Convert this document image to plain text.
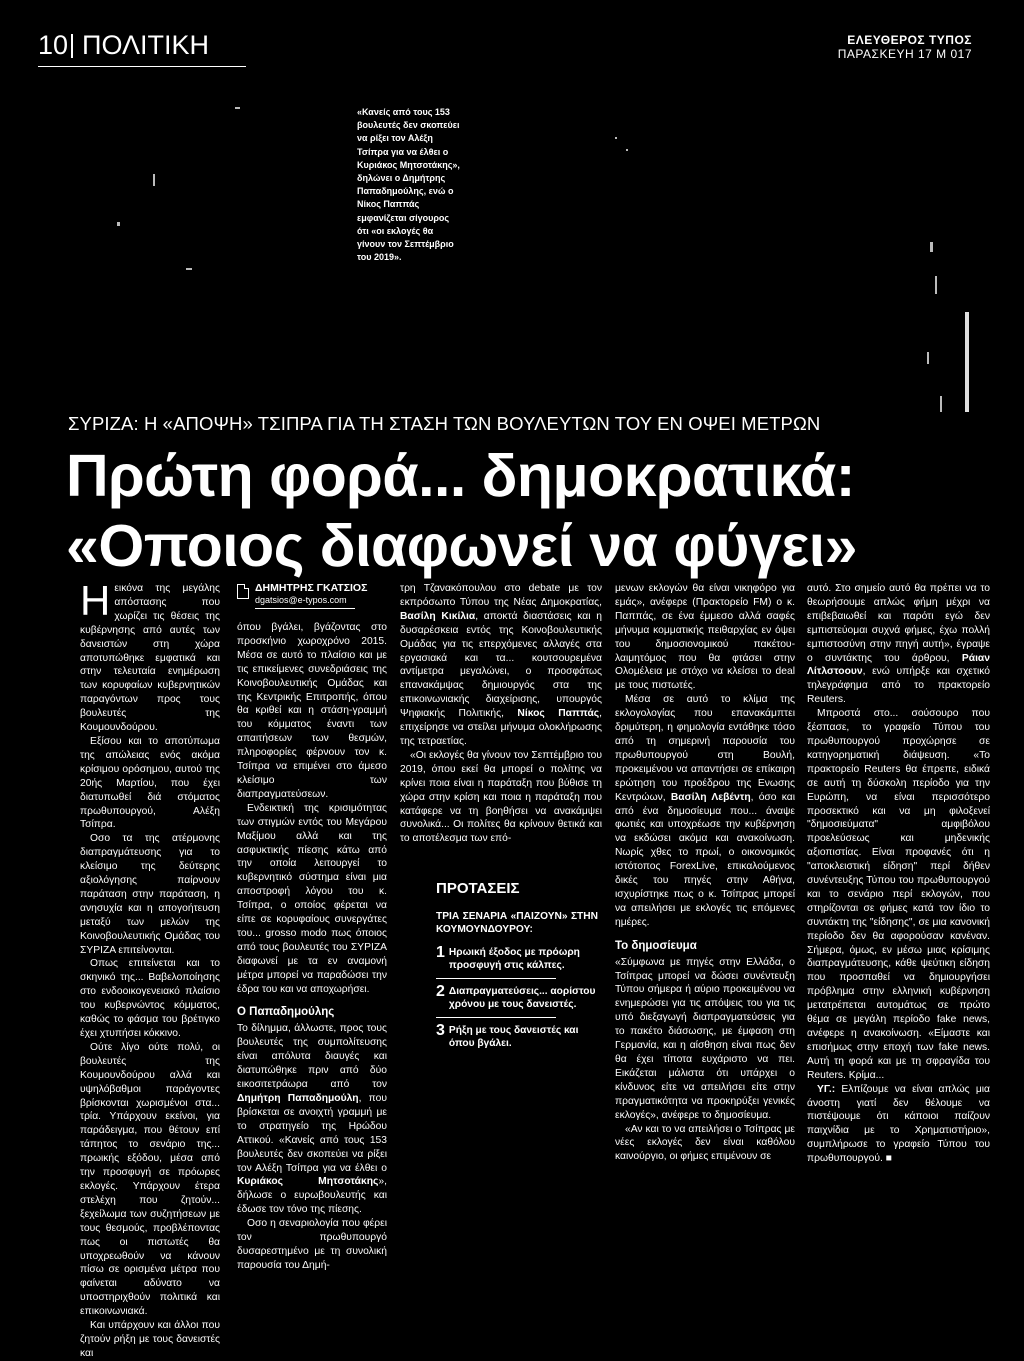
10 ΠΟΛΙΤΙΚΗ	ΕΛΕΥΘΕΡΟΣ ΤΥΠΟΣ
ΠΑΡΑΣΚΕΥΗ 17 Μ 017
«Κανείς από τους 153 βουλευτές δεν σκοπεύει να ρίξει τον Αλέξη Τσίπρα για να έλθει ο Κυριάκος Μητσοτάκης», δηλώνει ο Δημήτρης Παπαδημούλης, ενώ ο Νίκος Παππάς εμφανίζεται σίγουρος ότι «οι εκλογές θα γίνουν τον Σεπτέμβριο του 2019».
ΣΥΡΙΖΑ: Η «ΑΠΟΨΗ» ΤΣΙΠΡΑ ΓΙΑ ΤΗ ΣΤΑΣΗ ΤΩΝ ΒΟΥΛΕΥΤΩΝ ΤΟΥ ΕΝ ΟΨΕΙ ΜΕΤΡΩΝ
Πρώτη φορά... δημοκρατικά:
«Οποιος διαφωνεί να φύγει»

Ηεικόνα της μεγάλης απόστασης που χωρίζει τις θέσεις της κυβέρνησης από αυτές των δανειστών στη χώρα αποτυπώθηκε εμφατικά και στην τελευταία ενημέρωση των κορυφαίων κυβερνητικών παραγόντων προς τους βουλευτές της Κουμουνδούρου.

Εξίσου και το αποτύπωμα της απώλειας ενός ακόμα κρίσιμου ορόσημου, αυτού της 20ής Μαρτίου, που έχει διατυπωθεί διά στόματος πρωθυπουργού, Αλέξη Τσίπρα.

Οσο τα της ατέρμονης διαπραγμάτευσης για το κλείσιμο της δεύτερης αξιολόγησης παίρνουν παράταση στην παράταση, η ανησυχία και η απογοήτευση μεταξύ των μελών της Κοινοβουλευτικής Ομάδας του ΣΥΡΙΖΑ επιτείνονται.

Οπως επιτείνεται και το σκηνικό της... Βαβελοποίησης στο ενδοοικογενειακό πλαίσιο του κυβερνώντος κόμματος, καθώς το φάσμα του βρέτιγκο έχει χτυπήσει κόκκινο.

Ούτε λίγο ούτε πολύ, οι βουλευτές της Κουμουνδούρου αλλά και υψηλόβαθμοι παράγοντες βρίσκονται χωρισμένοι στα... τρία. Υπάρχουν εκείνοι, για παράδειγμα, που θέτουν επί τάπητος το σενάριο της... πρωικής εξόδου, μέσα από την προσφυγή σε πρόωρες εκλογές. Υπάρχουν έτερα στελέχη που ζητούν... ξεχείλωμα των συζητήσεων με τους θεσμούς, προβλέποντας πως οι πιστωτές θα υποχρεωθούν να κάνουν πίσω σε ορισμένα μέτρα που φαίνεται αδύνατο να υποστηριχθούν πολιτικά και επικοινωνιακά.

Και υπάρχουν και άλλοι που ζητούν ρήξη με τους δανειστές και

ΔΗΜΗΤΡΗΣ ΓΚΑΤΣΙΟΣ
dgatsios@e-typos.com

όπου βγάλει, βγάζοντας στο προσκήνιο χωροχρόνο 2015. Μέσα σε αυτό το πλαίσιο και με τις επικείμενες συνεδριάσεις της Κοινοβουλευτικής Ομάδας και της Κεντρικής Επιτροπής, όπου θα κριθεί και η στάση-γραμμή του κόμματος έναντι των απαιτήσεων των θεσμών, πληροφορίες φέρνουν τον κ. Τσίπρα να επιμένει στο άμεσο κλείσιμο των διαπραγματεύσεων.

Ενδεικτική της κρισιμότητας των στιγμών εντός του Μεγάρου Μαξίμου αλλά και της ασφυκτικής πίεσης κάτω από την οποία λειτουργεί το κυβερνητικό σύστημα είναι μια αποστροφή λόγου του κ. Τσίπρα, ο οποίος φέρεται να είπε σε κορυφαίους συνεργάτες του... grosso modo πως όποιος από τους βουλευτές του ΣΥΡΙΖΑ διαφωνεί με τα εν αναμονή μέτρα μπορεί να παραδώσει την έδρα του και να αποχωρήσει.

Ο Παπαδημούλης

Το δίλημμα, άλλωστε, προς τους βουλευτές της συμπολίτευσης είναι απόλυτα διαυγές και διατυπώθηκε πριν από δύο εικοσιτετράωρα από τον Δημήτρη Παπαδημούλη, που βρίσκεται σε ανοιχτή γραμμή με το στρατηγείο της Ηρώδου Αττικού. «Κανείς από τους 153 βουλευτές δεν σκοπεύει να ρίξει τον Αλέξη Τσίπρα για να έλθει ο Κυριάκος Μητσοτάκης», δήλωσε ο ευρωβουλευτής και έδωσε τον τόνο της πίεσης.

Οσο η σεναριολογία που φέρει τον πρωθυπουργό δυσαρεστημένο με τη συνολική παρουσία του Δημή-

τρη Τζανακόπουλου στο debate με τον εκπρόσωπο Τύπου της Νέας Δημοκρατίας, Βασίλη Κικίλια, αποκτά διαστάσεις και η δυσαρέσκεια εντός της Κοινοβουλευτικής Ομάδας για τις επερχόμενες αλλαγές στα εργασιακά και τα... κουτσουρεμένα αντίμετρα μεγαλώνει, ο προσφάτως επανακάμψας δημιουργός στα της επικοινωνιακής διαχείρισης, υπουργός Ψηφιακής Πολιτικής, Νίκος Παππάς, επιχείρησε να στείλει μήνυμα ολοκλήρωσης της τετραετίας.

«Οι εκλογές θα γίνουν τον Σεπτέμβριο του 2019, όπου εκεί θα μπορεί ο πολίτης να κρίνει ποια είναι η παράταξη που βύθισε τη χώρα στην κρίση και ποια η παράταξη που κατάφερε να τη βοηθήσει να ανακάμψει συνολικά... Οι πολίτες θα κρίνουν θετικά και το αποτέλεσμα των επό-

ΠΡΟΤΑΣΕΙΣ
ΤΡΙΑ ΣΕΝΑΡΙΑ «ΠΑΙΖΟΥΝ» ΣΤΗΝ ΚΟΥΜΟΥΝΔΟΥΡΟΥ:
1 Ηρωική έξοδος με πρόωρη προσφυγή στις κάλπες.
2 Διαπραγματεύσεις... αορίστου χρόνου με τους δανειστές.
3 Ρήξη με τους δανειστές και όπου βγάλει.

μενων εκλογών θα είναι νικηφόρο για εμάς», ανέφερε (Πρακτορείο FM) ο κ. Παππάς, σε ένα έμμεσο αλλά σαφές μήνυμα κομματικής πειθαρχίας εν όψει του δημοσιονομικού πακέτου-λαιμητόμος που θα φτάσει στην Ολομέλεια με στόχο να κλείσει το deal με τους πιστωτές.

Μέσα σε αυτό το κλίμα της εκλογολογίας που επανακάμπτει δριμύτερη, η φημολογία εντάθηκε τόσο από τη σημερινή παρουσία του πρωθυπουργού στη Βουλή, προκειμένου να απαντήσει σε επίκαιρη ερώτηση του προέδρου της Ενωσης Κεντρώων, Βασίλη Λεβέντη, όσο και από ένα δημοσίευμα που... άναψε φωτιές και υποχρέωσε την κυβέρνηση να εκδώσει ακόμα και ανακοίνωση. Νωρίς χθες το πρωί, ο οικονομικός ιστότοπος ForexLive, επικαλούμενος δικές του πηγές στην Αθήνα, ισχυρίστηκε πως ο κ. Τσίπρας μπορεί να απειλήσει με εκλογές τις επόμενες ημέρες.

Το δημοσίευμα

«Σύμφωνα με πηγές στην Ελλάδα, ο Τσίπρας μπορεί να δώσει συνέντευξη Τύπου σήμερα ή αύριο προκειμένου να ενημερώσει για τις απόψεις του για τις υπό διεξαγωγή διαπραγματεύσεις για το πακέτο διάσωσης, με έμφαση στη Γερμανία, και η αίσθηση είναι πως δεν θα έχει τίποτα ευχάριστο να πει. Εικάζεται μάλιστα ότι υπάρχει ο κίνδυνος είτε να απειλήσει είτε στην πραγματικότητα να προκηρύξει γενικές εκλογές», ανέφερε το δημοσίευμα.

«Αν και το να απειλήσει ο Τσίπρας με νέες εκλογές δεν είναι καθόλου καινούργιο, οι φήμες επιμένουν σε

αυτό. Στο σημείο αυτό θα πρέπει να το θεωρήσουμε απλώς φήμη μέχρι να επιβεβαιωθεί και παρότι εγώ δεν εμπιστεύομαι συχνά φήμες, έχω πολλή εμπιστοσύνη στην πηγή αυτή», έγραψε ο συντάκτης του άρθρου, Ράιαν Λίτλστοουν, ενώ υπήρξε και σχετικό τηλεγράφημα από το πρακτορείο Reuters.

Μπροστά στο... σούσουρο που ξέσπασε, το γραφείο Τύπου του πρωθυπουργού προχώρησε σε κατηγορηματική διάψευση. «Το πρακτορείο Reuters θα έπρεπε, ειδικά σε αυτή τη δύσκολη περίοδο για την Ευρώπη, να είναι περισσότερο προσεκτικό και να μη φιλοξενεί "δημοσιεύματα" αμφιβόλου προελεύσεως και μηδενικής αξιοπιστίας. Είναι προφανές ότι η "αποκλειστική είδηση" περί δήθεν συνέντευξης Τύπου του πρωθυπουργού και το σενάριο περί εκλογών, που στηρίζονται σε φήμες κατά τον ίδιο το συντάκτη της "είδησης", σε μια κανονική περίοδο δεν θα αφορούσαν κανέναν. Σήμερα, όμως, εν μέσω μιας κρίσιμης διαπραγμάτευσης, κάθε ψεύτικη είδηση που προσπαθεί να δημιουργήσει πρόβλημα στην ελληνική κυβέρνηση μετατρέπεται αυτομάτως σε πρώτο θέμα σε μεγάλη περίοδο fake news, ανέφερε η ανακοίνωση. «Είμαστε και επισήμως στην εποχή των fake news. Αυτή τη φορά και με τη σφραγίδα του Reuters. Κρίμα...

ΥΓ.: Ελπίζουμε να είναι απλώς μια άνοστη γιατί δεν θέλουμε να πιστέψουμε ότι κάποιοι παίζουν παιχνίδια με το Χρηματιστήριο», συμπλήρωσε το γραφείο Τύπου του πρωθυπουργού. ■
